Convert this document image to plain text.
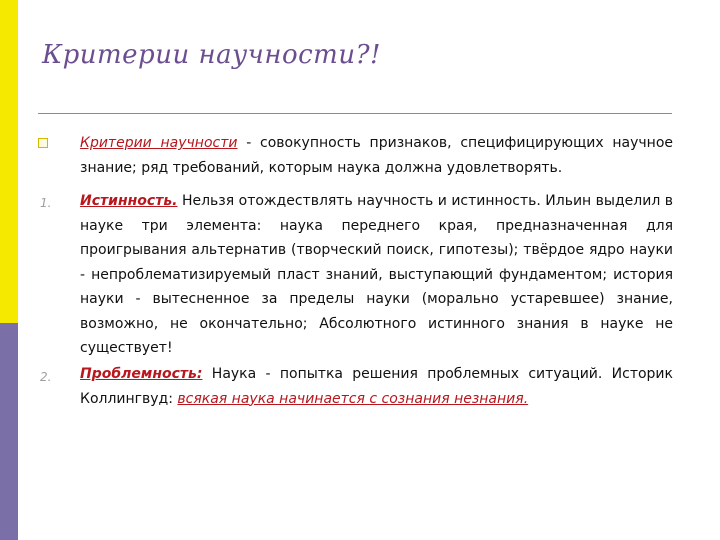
Критерии научности?!
Критерии научности - совокупность признаков, специфицирующих научное знание; ряд требований, которым наука должна удовлетворять.
1. Истинность. Нельзя отождествлять научность и истинность. Ильин выделил в науке три элемента: наука переднего края, предназначенная для проигрывания альтернатив (творческий поиск, гипотезы); твёрдое ядро науки - непроблематизируемый пласт знаний, выступающий фундаментом; история науки - вытесненное за пределы науки (морально устаревшее) знание, возможно, не окончательно; Абсолютного истинного знания в науке не существует!
2. Проблемность: Наука - попытка решения проблемных ситуаций. Историк Коллингвуд: всякая наука начинается с сознания незнания.
